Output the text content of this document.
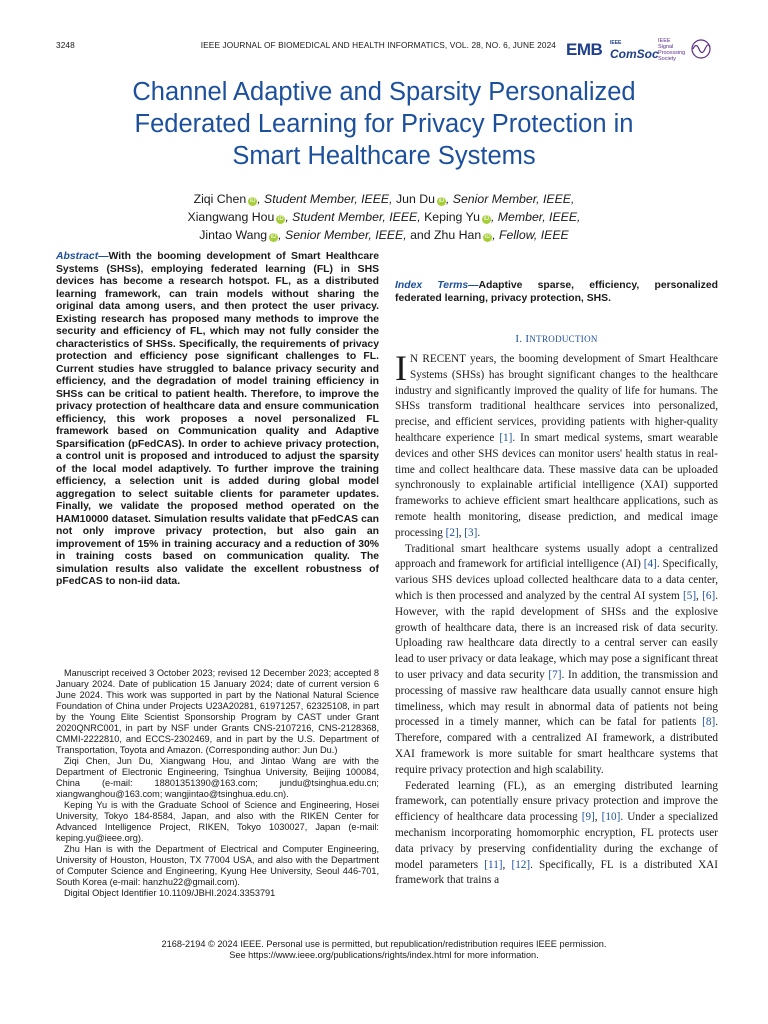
3248	IEEE JOURNAL OF BIOMEDICAL AND HEALTH INFORMATICS, VOL. 28, NO. 6, JUNE 2024 EMB IEEE
ComSoc
IEEE
Signal
Processing
Society
Channel Adaptive and Sparsity Personalized
Federated Learning for Privacy Protection in
Smart Healthcare Systems
Ziqi Chen iD , Student Member, IEEE, Jun Du iD , Senior Member, IEEE,
Xiangwang Hou iD , Student Member, IEEE, Keping Yu iD , Member, IEEE,
Jintao Wang iD , Senior Member, IEEE, and Zhu Han iD , Fellow, IEEE
Abstract—With the booming development of Smart Healthcare Systems (SHSs), employing federated learning (FL) in SHS devices has become a research hotspot. FL, as a distributed learning framework, can train models without sharing the original data among users, and then protect the user privacy. Existing research has proposed many methods to improve the security and efficiency of FL, which may not fully consider the characteristics of SHSs. Specifically, the requirements of privacy protection and efficiency pose significant challenges to FL. Current studies have struggled to balance privacy security and efficiency, and the degradation of model training efficiency in SHSs can be critical to patient health. Therefore, to improve the privacy protection of healthcare data and ensure communication efficiency, this work proposes a novel personalized FL framework based on Communication quality and Adaptive Sparsification (pFedCAS). In order to achieve privacy protection, a control unit is proposed and introduced to adjust the sparsity of the local model adaptively. To further improve the training efficiency, a selection unit is added during global model aggregation to select suitable clients for parameter updates. Finally, we validate the proposed method operated on the HAM10000 dataset. Simulation results validate that pFedCAS can not only improve privacy protection, but also gain an improvement of 15% in training accuracy and a reduction of 30% in training costs based on communication quality. The simulation results also validate the excellent robustness of pFedCAS to non-iid data.
Index Terms—Adaptive sparse, efficiency, personalized federated learning, privacy protection, SHS.

Manuscript received 3 October 2023; revised 12 December 2023; accepted 8 January 2024. Date of publication 15 January 2024; date of current version 6 June 2024. This work was supported in part by the National Natural Science Foundation of China under Projects U23A20281, 61971257, 62325108, in part by the Young Elite Scientist Sponsorship Program by CAST under Grant 2020QNRC001, in part by NSF under Grants CNS-2107216, CNS-2128368, CMMI-2222810, and ECCS-2302469, and in part by the U.S. Department of Transportation, Toyota and Amazon. (Corresponding author: Jun Du.)

Ziqi Chen, Jun Du, Xiangwang Hou, and Jintao Wang are with the Department of Electronic Engineering, Tsinghua University, Beijing 100084, China (e-mail: 18801351390@163.com; jundu@tsinghua.edu.cn; xiangwanghou@163.com; wangjintao@tsinghua.edu.cn).

Keping Yu is with the Graduate School of Science and Engineering, Hosei University, Tokyo 184-8584, Japan, and also with the RIKEN Center for Advanced Intelligence Project, RIKEN, Tokyo 1030027, Japan (e-mail: keping.yu@ieee.org).

Zhu Han is with the Department of Electrical and Computer Engineering, University of Houston, Houston, TX 77004 USA, and also with the Department of Computer Science and Engineering, Kyung Hee University, Seoul 446-701, South Korea (e-mail: hanzhu22@gmail.com).

Digital Object Identifier 10.1109/JBHI.2024.3353791

I. INTRODUCTION

I N RECENT years, the booming development of Smart Healthcare Systems (SHSs) has brought significant changes to the healthcare industry and significantly improved the quality of life for humans. The SHSs transform traditional healthcare services into personalized, precise, and efficient services, providing patients with higher-quality healthcare experience [1]. In smart medical systems, smart wearable devices and other SHS devices can monitor users' health status in real-time and collect healthcare data. These massive data can be uploaded synchronously to explainable artificial intelligence (XAI) supported frameworks to achieve efficient smart healthcare applications, such as remote health monitoring, disease prediction, and medical image processing [2], [3].

Traditional smart healthcare systems usually adopt a centralized approach and framework for artificial intelligence (AI) [4]. Specifically, various SHS devices upload collected healthcare data to a data center, which is then processed and analyzed by the central AI system [5], [6]. However, with the rapid development of SHSs and the explosive growth of healthcare data, there is an increased risk of data security. Uploading raw healthcare data directly to a central server can easily lead to user privacy or data leakage, which may pose a significant threat to user privacy and data security [7]. In addition, the transmission and processing of massive raw healthcare data usually cannot ensure high timeliness, which may result in abnormal data of patients not being processed in a timely manner, which can be fatal for patients [8]. Therefore, compared with a centralized AI framework, a distributed XAI framework is more suitable for smart healthcare systems that require privacy protection and high scalability.

Federated learning (FL), as an emerging distributed learning framework, can potentially ensure privacy protection and improve the efficiency of healthcare data processing [9], [10]. Under a specialized mechanism incorporating homomorphic encryption, FL protects user data privacy by preserving confidentiality during the exchange of model parameters [11], [12]. Specifically, FL is a distributed XAI framework that trains a

2168-2194 © 2024 IEEE. Personal use is permitted, but republication/redistribution requires IEEE permission.
See https://www.ieee.org/publications/rights/index.html for more information.
